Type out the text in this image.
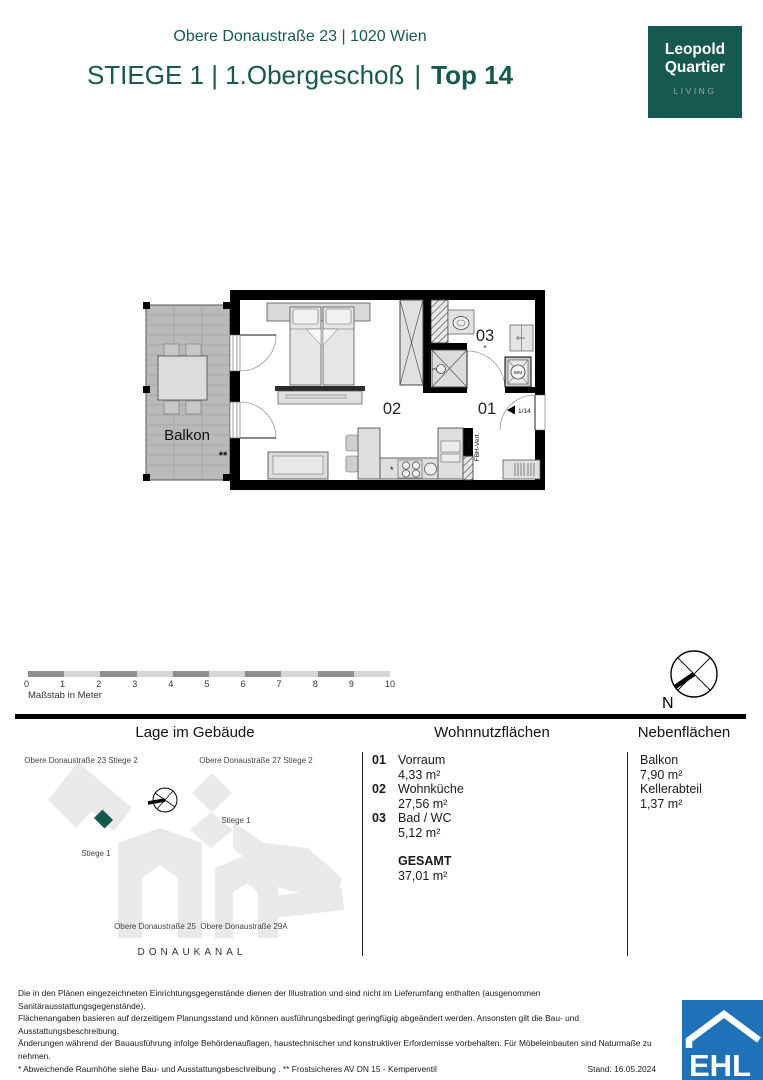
Obere Donaustraße 23 | 1020 Wien
STIEGE 1 | 1.Obergeschoß | Top 14
Leopold
Quartier
LIVING
Balkon
**
1/14
*
WM
E-Vert. FBH-Vert.
02	01
03
*
0	1	2	3	4	5	6	7	8	9	10
Maßstab in Meter	N
Lage im Gebäude	Wohnnutzflächen	Nebenflächen
Obere Donaustraße 23 Stiege 2	Obere Donaustraße 27 Stiege 2
Stiege 1
Stiege 1
Obere Donaustraße 25 Obere Donaustraße 29A
DONAUKANAL
01 Vorraum
4,33 m²
02 Wohnküche
27,56 m²
03 Bad / WC
5,12 m²
GESAMT
37,01 m²
Balkon
7,90 m²
Kellerabteil
1,37 m²
Die in den Plänen eingezeichneten Einrichtungsgegenstände dienen der Illustration und sind nicht im Lieferumfang enthalten (ausgenommen Sanitärausstattungsgegenstände).
Flächenangaben basieren auf derzeitigem Planungsstand und können ausführungsbedingt geringfügig abgeändert werden. Ansonsten gilt die Bau- und Ausstattungsbeschreibung.
Änderungen während der Bauausführung infolge Behördenauflagen, haustechnischer und konstruktiver Erfordernisse vorbehalten. Für Möbeleinbauten sind Naturmaße zu nehmen.
* Abweichende Raumhöhe siehe Bau- und Ausstattungsbeschreibung . ** Frostsicheres AV DN 15 - Kemperventil	Stand: 16.05.2024 EHL
